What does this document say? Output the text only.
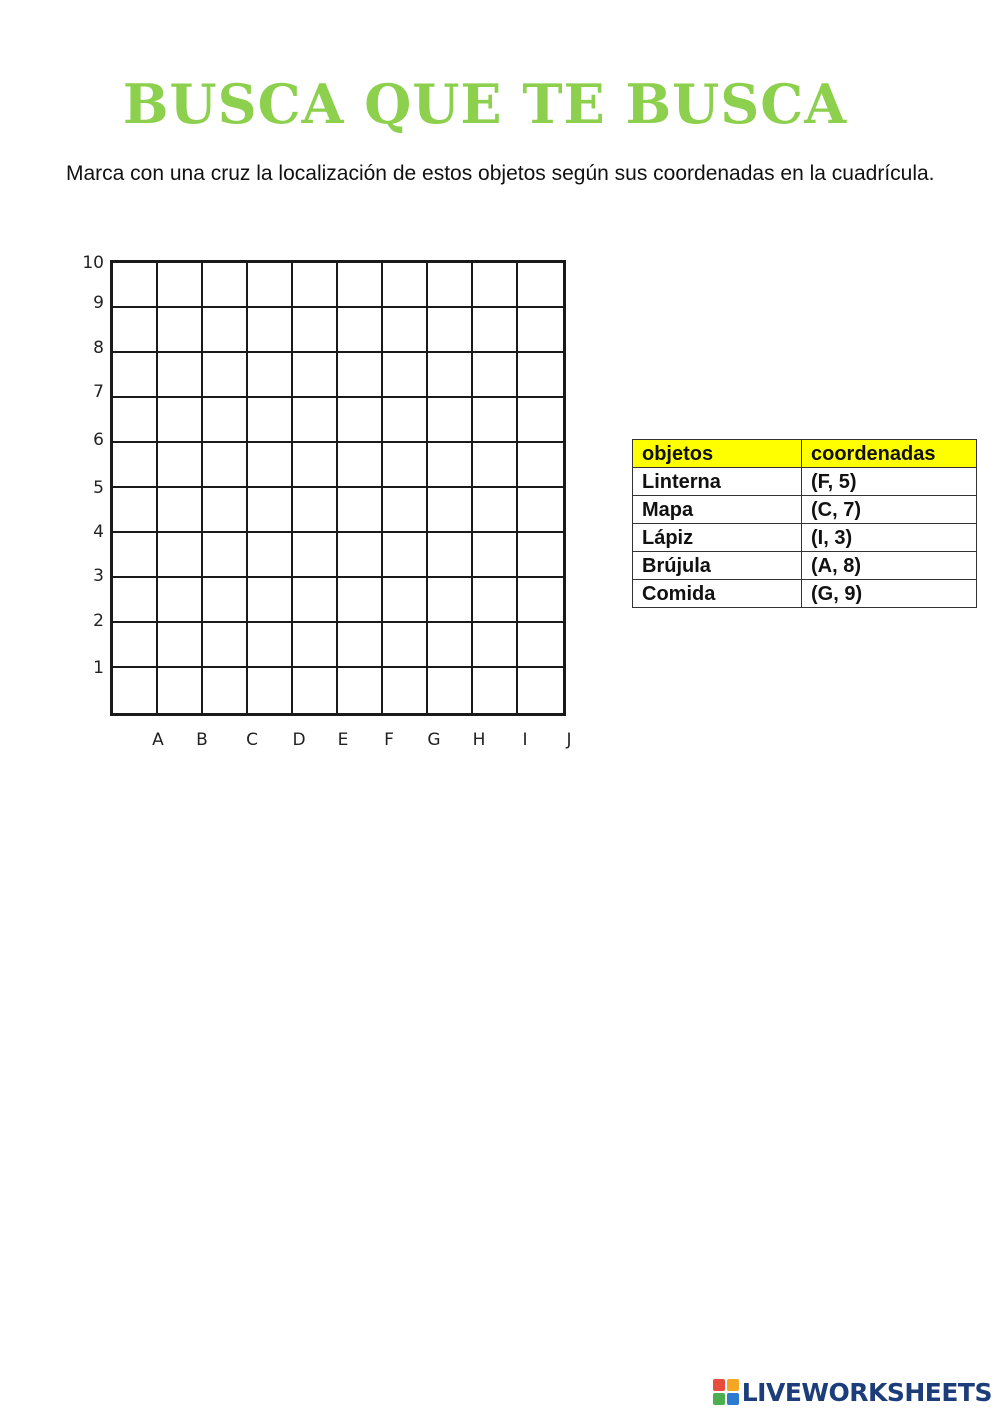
BUSCA QUE TE BUSCA

Marca con una cruz la localización de estos objetos según sus coordenadas en la cuadrícula.

10
9
8
7
6
5
4
3
2
1
A B C D E	F	G H	I	J
objetos	coordenadas
Linterna	(F, 5)
Mapa	(C, 7)
Lápiz	(I, 3)
Brújula	(A, 8)
Comida	(G, 9)
LIVEWORKSHEETS
